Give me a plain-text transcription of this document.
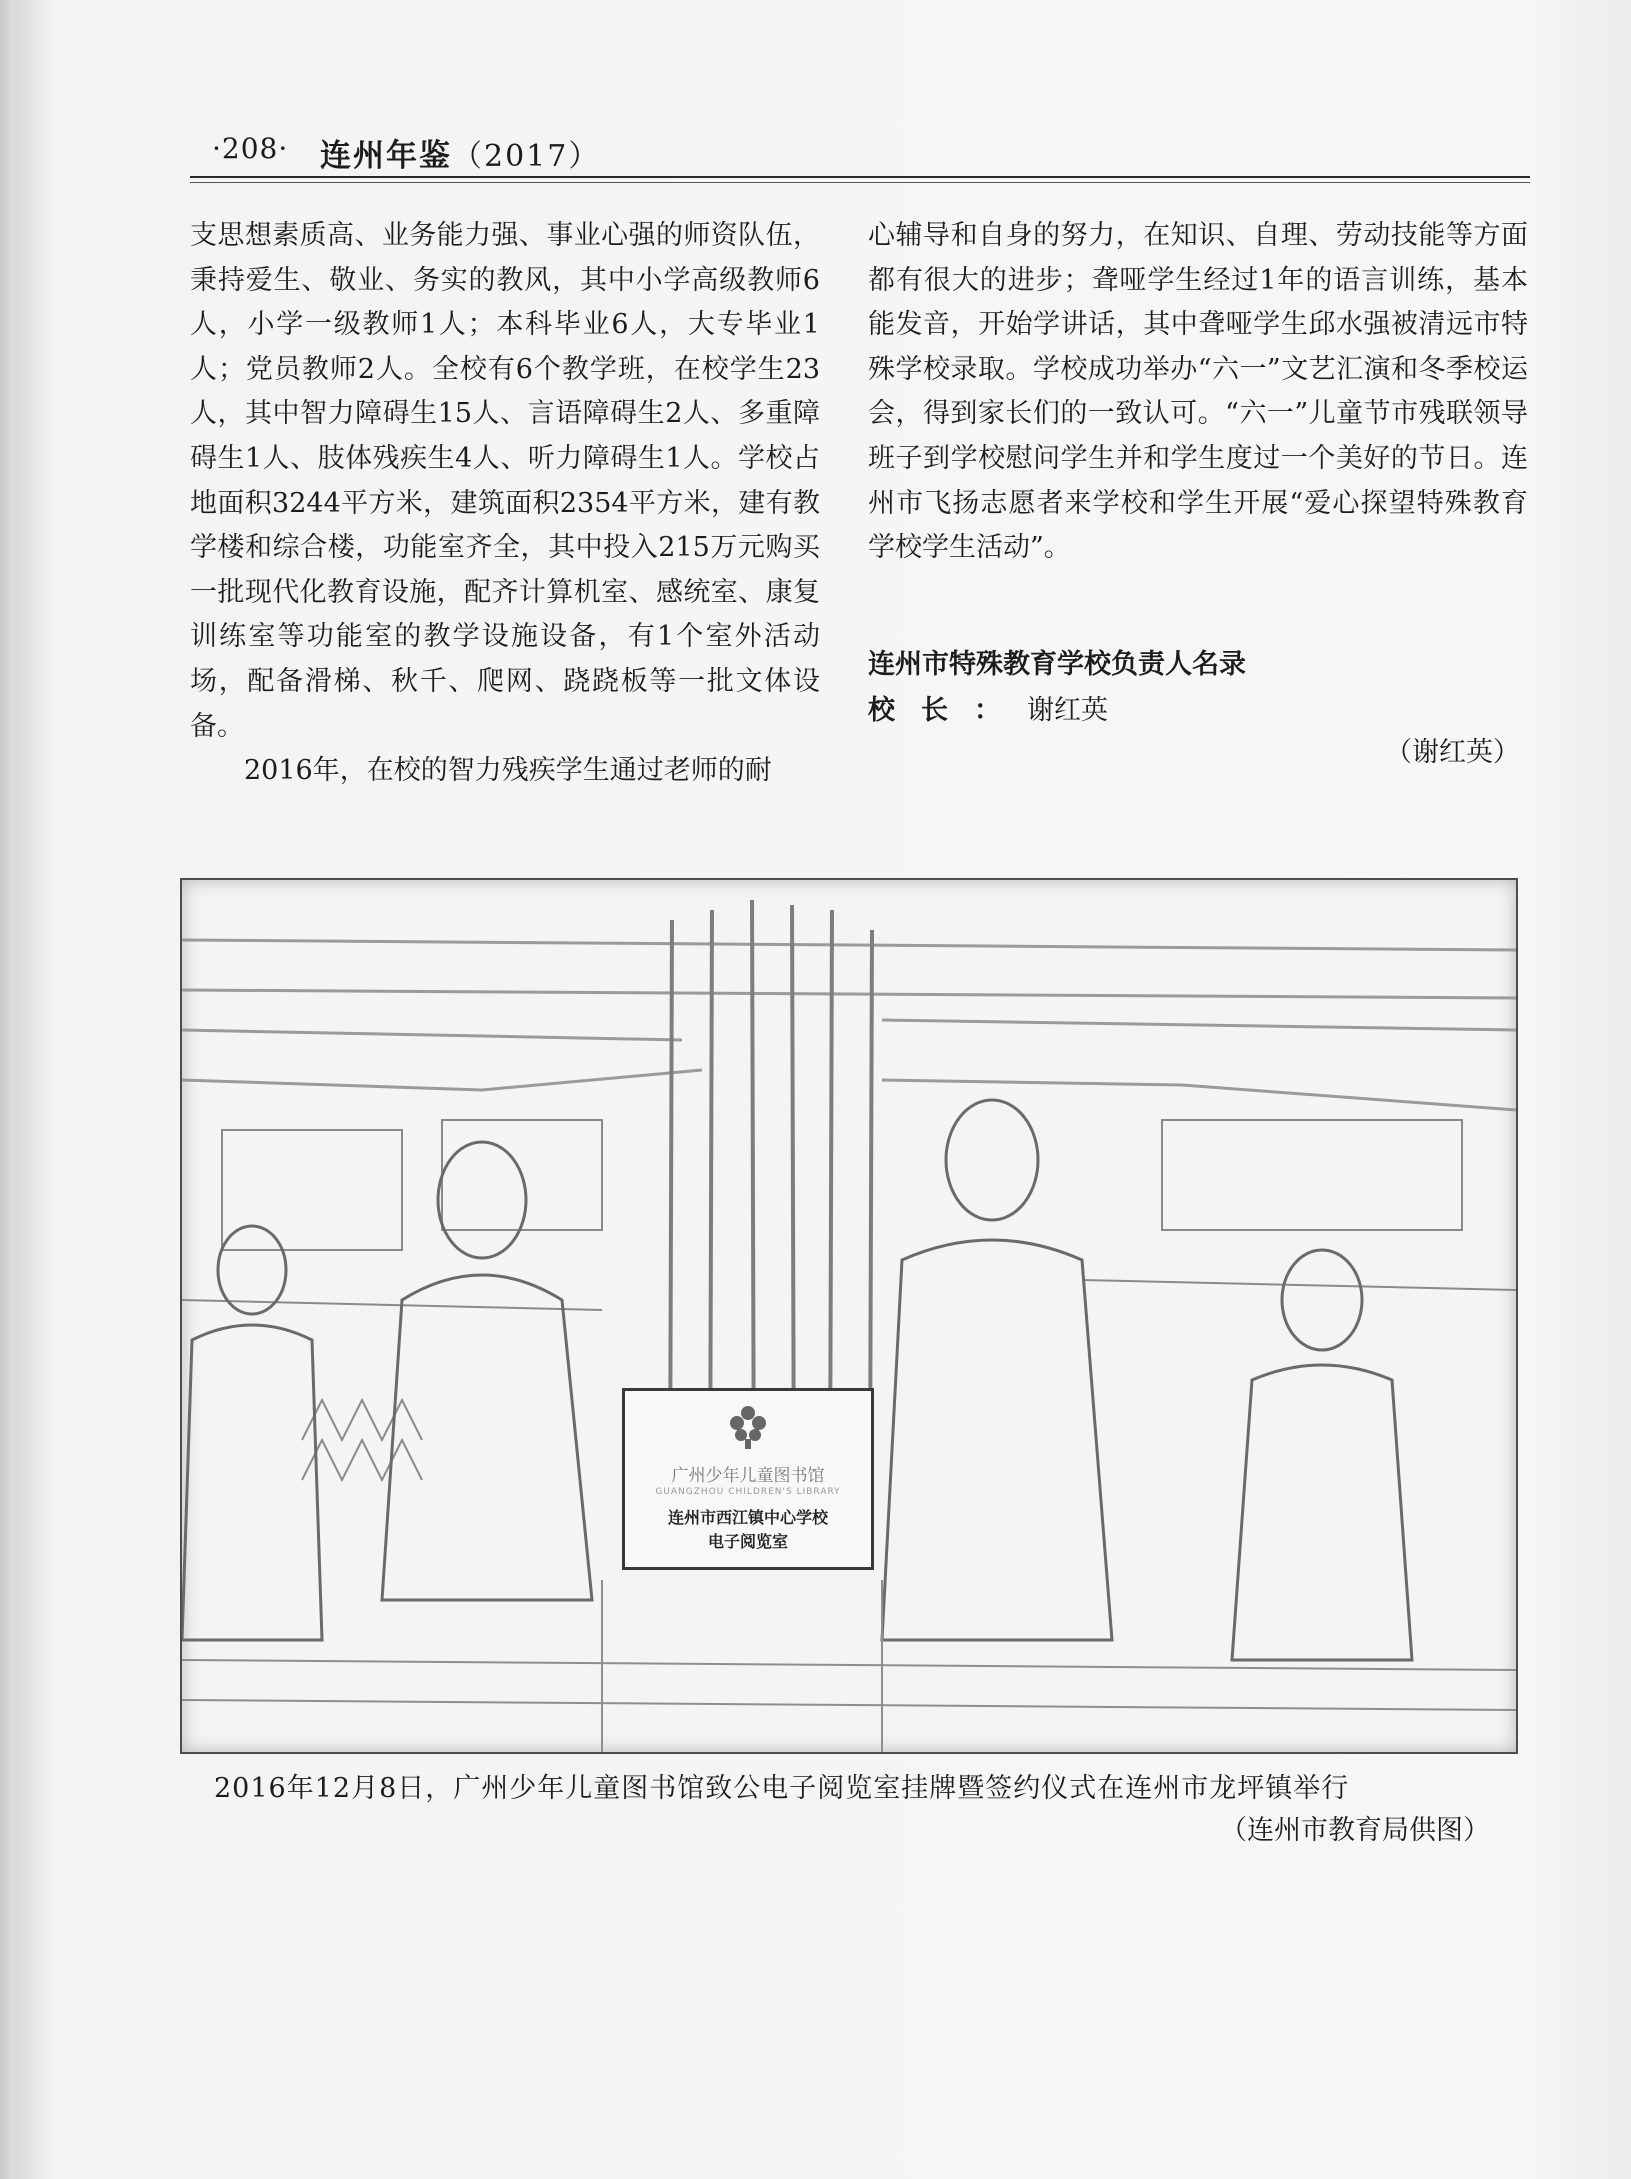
·208· 连州年鉴（2017）

支思想素质高、业务能力强、事业心强的师资队伍，秉持爱生、敬业、务实的教风，其中小学高级教师6人，小学一级教师1人；本科毕业6人，大专毕业1人；党员教师2人。全校有6个教学班，在校学生23人，其中智力障碍生15人、言语障碍生2人、多重障碍生1人、肢体残疾生4人、听力障碍生1人。学校占地面积3244平方米，建筑面积2354平方米，建有教学楼和综合楼，功能室齐全，其中投入215万元购买一批现代化教育设施，配齐计算机室、感统室、康复训练室等功能室的教学设施设备，有1个室外活动场，配备滑梯、秋千、爬网、跷跷板等一批文体设备。

2016年，在校的智力残疾学生通过老师的耐

心辅导和自身的努力，在知识、自理、劳动技能等方面都有很大的进步；聋哑学生经过1年的语言训练，基本能发音，开始学讲话，其中聋哑学生邱水强被清远市特殊学校录取。学校成功举办“六一”文艺汇演和冬季校运会，得到家长们的一致认可。“六一”儿童节市残联领导班子到学校慰问学生并和学生度过一个美好的节日。连州市飞扬志愿者来学校和学生开展“爱心探望特殊教育学校学生活动”。

连州市特殊教育学校负责人名录
校长：谢红英
（谢红英）
广州少年儿童图书馆
GUANGZHOU CHILDREN'S LIBRARY
连州市西江镇中心学校
电子阅览室
2016年12月8日，广州少年儿童图书馆致公电子阅览室挂牌暨签约仪式在连州市龙坪镇举行
（连州市教育局供图）
